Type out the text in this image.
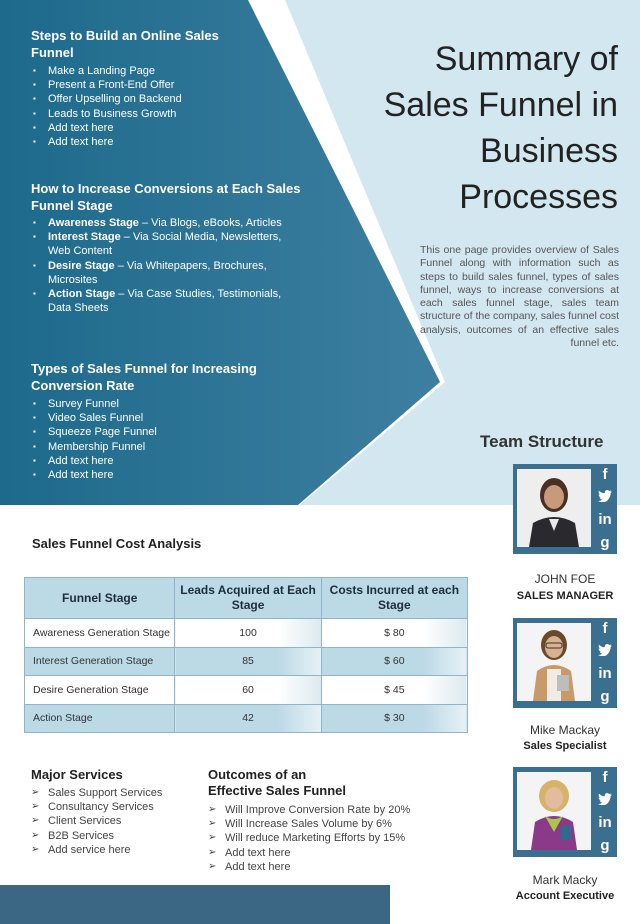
Steps to Build an Online Sales Funnel
▪ Make a Landing Page
▪ Present a Front-End Offer
▪ Offer Upselling on Backend
▪ Leads to Business Growth
▪ Add text here
▪ Add text here
How to Increase Conversions at Each Sales Funnel Stage
▪ Awareness Stage – Via Blogs, eBooks, Articles
▪ Interest Stage – Via Social Media, Newsletters, Web Content
▪ Desire Stage – Via Whitepapers, Brochures, Microsites
▪ Action Stage – Via Case Studies, Testimonials, Data Sheets
Types of Sales Funnel for Increasing Conversion Rate
▪ Survey Funnel
▪ Video Sales Funnel
▪ Squeeze Page Funnel
▪ Membership Funnel
▪ Add text here
▪ Add text here
Summary of Sales Funnel in Business Processes

This one page provides overview of Sales Funnel along with information such as steps to build sales funnel, types of sales funnel, ways to increase conversions at each sales funnel stage, sales team structure of the company, sales funnel cost analysis, outcomes of an effective sales funnel etc.

Team Structure
f
in
g
JOHN FOE
SALES MANAGER
f
in
g
Mike Mackay
Sales Specialist
f
in
g
Mark Macky
Account Executive
Sales Funnel Cost Analysis
Funnel Stage	Leads Acquired at Each Stage	Costs Incurred at each Stage
Awareness Generation Stage	100	$ 80
Interest Generation Stage	85	$ 60
Desire Generation Stage	60	$ 45
Action Stage	42	$ 30
Major Services
➢ Sales Support Services
➢ Consultancy Services
➢ Client Services
➢ B2B Services
➢ Add service here
Outcomes of an
Effective Sales Funnel
➢ Will Improve Conversion Rate by 20%
➢ Will Increase Sales Volume by 6%
➢ Will reduce Marketing Efforts by 15%
➢ Add text here
➢ Add text here
